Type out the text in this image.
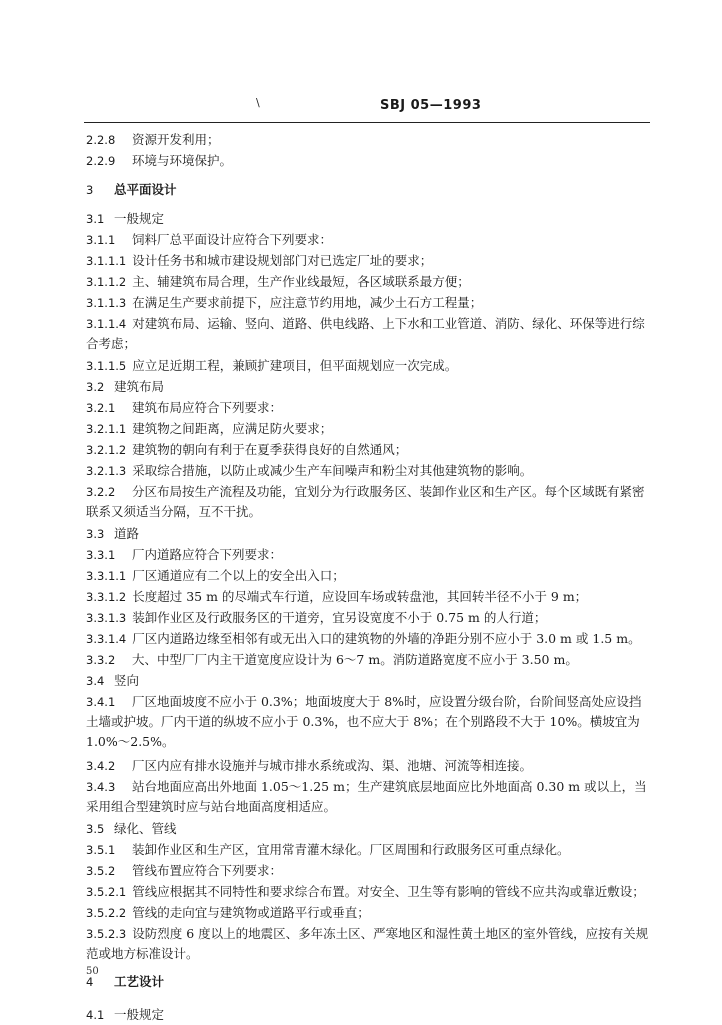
\	SBJ 05—1993
2.2.8 资源开发利用；
2.2.9 环境与环境保护。
3 总平面设计
3.1 一般规定
3.1.1 饲料厂总平面设计应符合下列要求：
3.1.1.1 设计任务书和城市建设规划部门对已选定厂址的要求；
3.1.1.2 主、辅建筑布局合理，生产作业线最短，各区域联系最方便；
3.1.1.3 在满足生产要求前提下，应注意节约用地，减少土石方工程量；
3.1.1.4 对建筑布局、运输、竖向、道路、供电线路、上下水和工业管道、消防、绿化、环保等进行综合考虑；
3.1.1.5 应立足近期工程，兼顾扩建项目，但平面规划应一次完成。
3.2 建筑布局
3.2.1 建筑布局应符合下列要求：
3.2.1.1 建筑物之间距离，应满足防火要求；
3.2.1.2 建筑物的朝向有利于在夏季获得良好的自然通风；
3.2.1.3 采取综合措施，以防止或减少生产车间噪声和粉尘对其他建筑物的影响。
3.2.2 分区布局按生产流程及功能，宜划分为行政服务区、装卸作业区和生产区。每个区域既有紧密联系又须适当分隔，互不干扰。
3.3 道路
3.3.1 厂内道路应符合下列要求：
3.3.1.1 厂区通道应有二个以上的安全出入口；
3.3.1.2 长度超过 35 m 的尽端式车行道，应设回车场或转盘池，其回转半径不小于 9 m；
3.3.1.3 装卸作业区及行政服务区的干道旁，宜另设宽度不小于 0.75 m 的人行道；
3.3.1.4 厂区内道路边缘至相邻有或无出入口的建筑物的外墙的净距分别不应小于 3.0 m 或 1.5 m。
3.3.2 大、中型厂厂内主干道宽度应设计为 6～7 m。消防道路宽度不应小于 3.50 m。
3.4 竖向
3.4.1 厂区地面坡度不应小于 0.3%；地面坡度大于 8%时，应设置分级台阶，台阶间竖高处应设挡土墙或护坡。厂内干道的纵坡不应小于 0.3%，也不应大于 8%；在个别路段不大于 10%。横坡宜为 1.0%～2.5%。
3.4.2 厂区内应有排水设施并与城市排水系统或沟、渠、池塘、河流等相连接。
3.4.3 站台地面应高出外地面 1.05～1.25 m；生产建筑底层地面应比外地面高 0.30 m 或以上，当采用组合型建筑时应与站台地面高度相适应。
3.5 绿化、管线
3.5.1 装卸作业区和生产区，宜用常青灌木绿化。厂区周围和行政服务区可重点绿化。
3.5.2 管线布置应符合下列要求：
3.5.2.1 管线应根据其不同特性和要求综合布置。对安全、卫生等有影响的管线不应共沟或靠近敷设；
3.5.2.2 管线的走向宜与建筑物或道路平行或垂直；
3.5.2.3 设防烈度 6 度以上的地震区、多年冻土区、严寒地区和湿性黄土地区的室外管线，应按有关规范或地方标准设计。
4 工艺设计
4.1 一般规定
50
